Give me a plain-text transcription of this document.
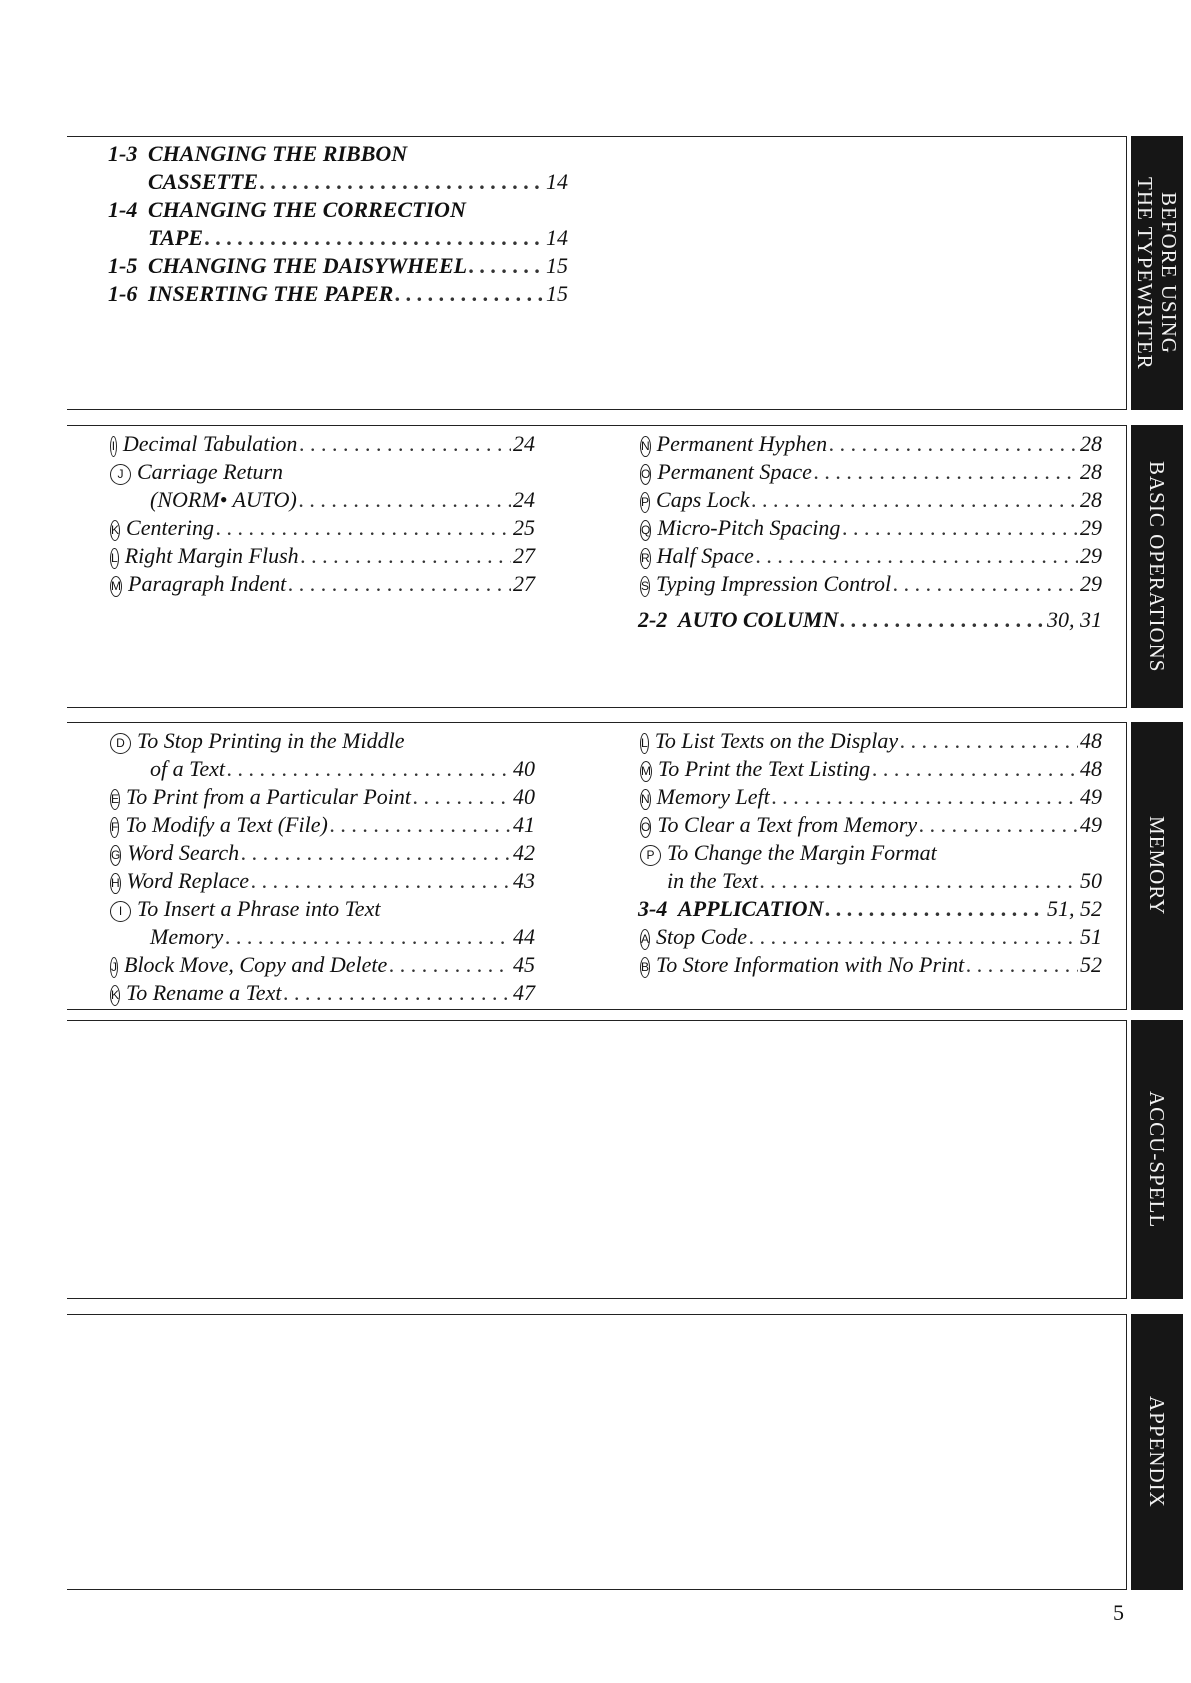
1-3 CHANGING THE RIBBON
CASSETTE . . .	14
1-4 CHANGING THE CORRECTION
TAPE . . .	14
1-5 CHANGING THE DAISYWHEEL . . .	15
1-6 INSERTING THE PAPER . . .	15
I Decimal Tabulation . . .	24
J Carriage Return
(NORM• AUTO) . . .	24
K Centering . . .	25
L Right Margin Flush . . .	27
M Paragraph Indent . . .	27
N Permanent Hyphen . . .	28
O Permanent Space . . .	28
P Caps Lock . . .	28
Q Micro-Pitch Spacing . . .	29
R Half Space . . .	29
S Typing Impression Control . . .	29
2-2 AUTO COLUMN . . .	30, 31
D To Stop Printing in the Middle
of a Text . . .	40
E To Print from a Particular Point . . .	40
F To Modify a Text (File) . . .	41
G Word Search . . .	42
H Word Replace . . .	43
I To Insert a Phrase into Text
Memory . . .	44
J Block Move, Copy and Delete . . .	45
K To Rename a Text . . .	47
L To List Texts on the Display . . .	48
M To Print the Text Listing . . .	48
N Memory Left . . .	49
O To Clear a Text from Memory . . .	49
P To Change the Margin Format
in the Text . . .	50
3-4 APPLICATION . . .	51, 52
A Stop Code . . .	51
B To Store Information with No Print . . .	52
BEFORE USING
THE TYPEWRITER
BASIC OPERATIONS
MEMORY
ACCU-SPELL
APPENDIX
5
